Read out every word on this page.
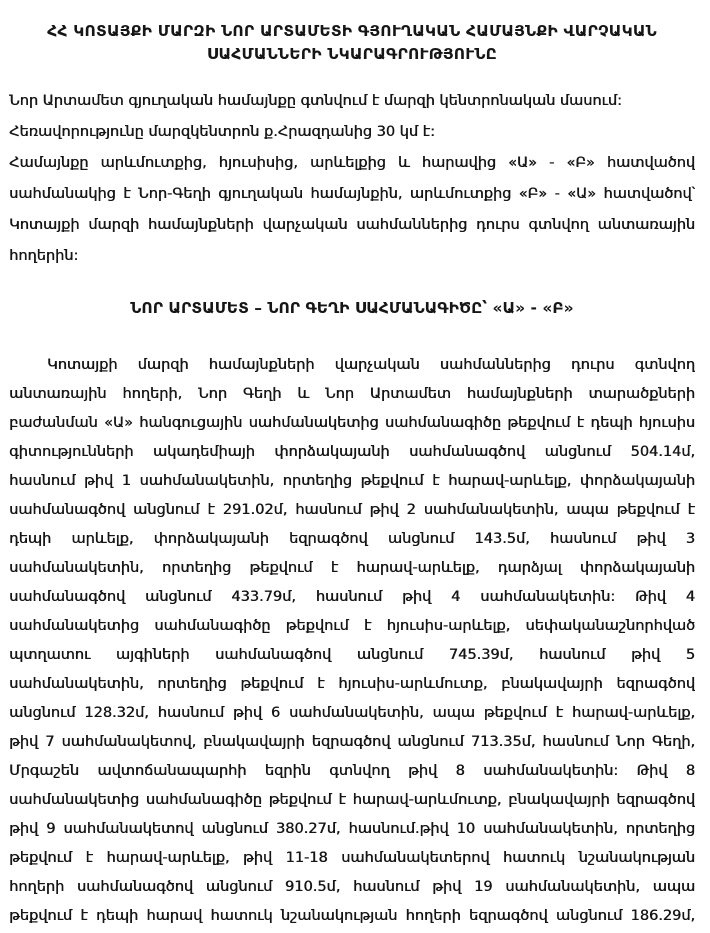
ՀՀ ԿՈՏԱՅՔԻ ՄԱՐԶԻ ՆՈՐ ԱՐՏԱՄԵՏԻ ԳՅՈՒՂԱԿԱՆ ՀԱՄԱՅՆՔԻ ՎԱՐՉԱԿԱՆ
ՍԱՀՄԱՆՆԵՐԻ ՆԿԱՐԱԳՐՈՒԹՅՈՒՆԸ
Նոր Արտամետ գյուղական համայնքը գտնվում է մարզի կենտրոնական մասում:
Հեռավորությունը մարզկենտրոն ք.Հրազդանից 30 կմ է:
Համայնքը արևմուտքից, հյուսիսից, արևելքից և հարավից «Ա» - «Բ» հատվածով
սահմանակից է Նոր-Գեղի գյուղական համայնքին, արևմուտքից «Բ» - «Ա» հատվածով՝
Կոտայքի մարզի համայնքների վարչական սահմաններից դուրս գտնվող անտառային
հողերին:
ՆՈՐ ԱՐՏԱՄԵՏ – ՆՈՐ ԳԵՂԻ ՍԱՀՄԱՆԱԳԻԾԸ՝ «Ա» - «Բ»
Կոտայքի մարզի համայնքների վարչական սահմաններից դուրս գտնվող
անտառային հողերի, Նոր Գեղի և Նոր Արտամետ համայնքների տարածքների
բաժանման «Ա» հանգուցային սահմանակետից սահմանագիծը թեքվում է դեպի հյուսիս
գիտությունների ակադեմիայի փորձակայանի սահմանագծով անցնում 504.14մ,
հասնում թիվ 1 սահմանակետին, որտեղից թեքվում է հարավ-արևելք, փորձակայանի
սահմանագծով անցնում է 291.02մ, հասնում թիվ 2 սահմանակետին, ապա թեքվում է
դեպի արևելք, փորձակայանի եզրագծով անցնում 143.5մ, հասնում թիվ 3
սահմանակետին, որտեղից թեքվում է հարավ-արևելք, դարձյալ փորձակայանի
սահմանագծով անցնում 433.79մ, հասնում թիվ 4 սահմանակետին: Թիվ 4
սահմանակետից սահմանագիծը թեքվում է հյուսիս-արևելք, սեփականաշնորհված
պտղատու այգիների սահմանագծով անցնում 745.39մ, հասնում թիվ 5
սահմանակետին, որտեղից թեքվում է հյուսիս-արևմուտք, բնակավայրի եզրագծով
անցնում 128.32մ, հասնում թիվ 6 սահմանակետին, ապա թեքվում է հարավ-արևելք,
թիվ 7 սահմանակետով, բնակավայրի եզրագծով անցնում 713.35մ, հասնում Նոր Գեղի,
Մրգաշեն ավտոճանապարհի եզրին գտնվող թիվ 8 սահմանակետին: Թիվ 8
սահմանակետից սահմանագիծը թեքվում է հարավ-արևմուտք, բնակավայրի եզրագծով
թիվ 9 սահմանակետով անցնում 380.27մ, հասնում.թիվ 10 սահմանակետին, որտեղից
թեքվում է հարավ-արևելք, թիվ 11-18 սահմանակետերով հատուկ նշանակության
հողերի սահմանագծով անցնում 910.5մ, հասնում թիվ 19 սահմանակետին, ապա
թեքվում է դեպի հարավ հատուկ նշանակության հողերի եզրագծով անցնում 186.29մ,
